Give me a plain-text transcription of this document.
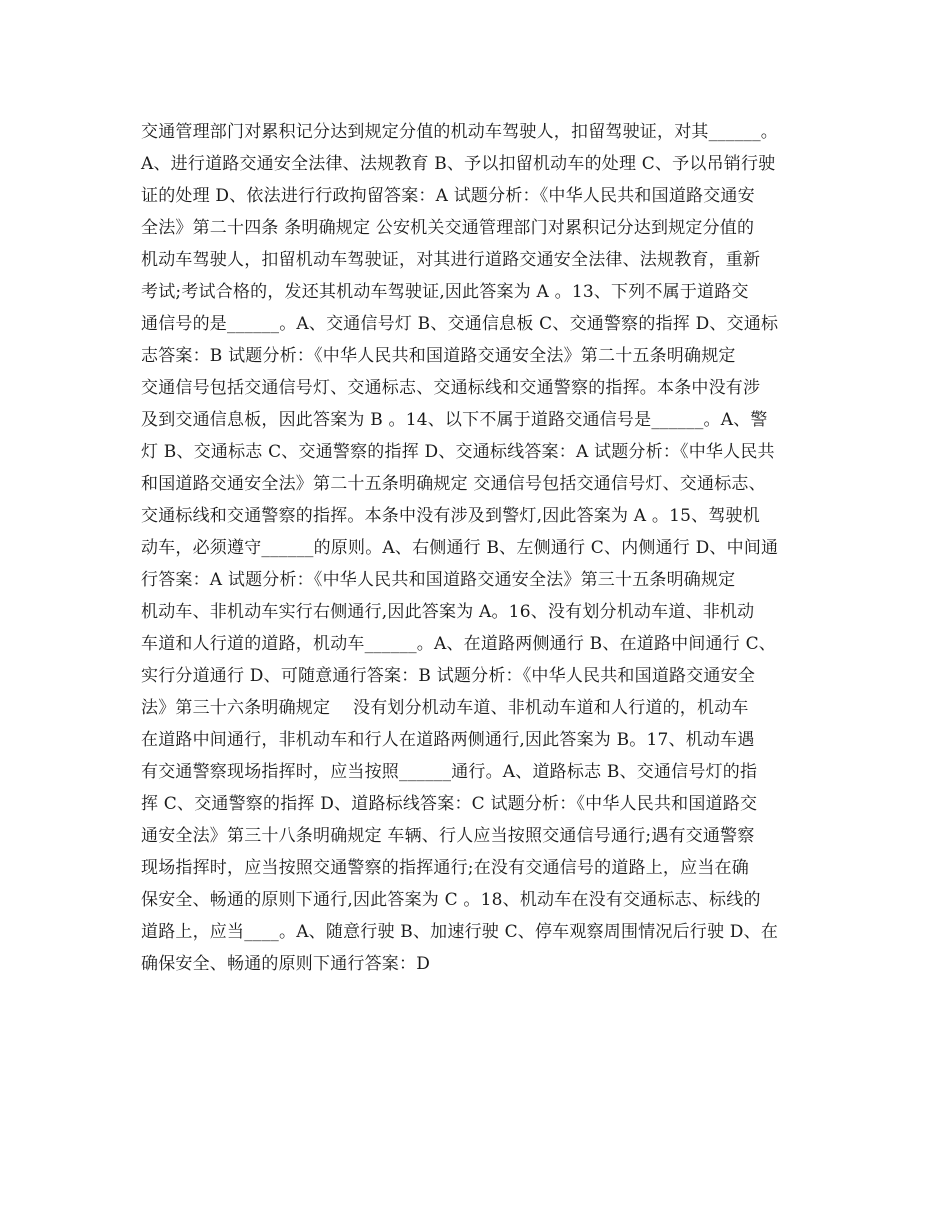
交通管理部门对累积记分达到规定分值的机动车驾驶人，扣留驾驶证，对其______。
A、进行道路交通安全法律、法规教育 B、予以扣留机动车的处理 C、予以吊销行驶
证的处理 D、依法进行行政拘留答案：A 试题分析：《中华人民共和国道路交通安
全法》第二十四条 条明确规定 公安机关交通管理部门对累积记分达到规定分值的
机动车驾驶人，扣留机动车驾驶证，对其进行道路交通安全法律、法规教育，重新
考试;考试合格的，发还其机动车驾驶证,因此答案为 A 。13、下列不属于道路交
通信号的是______。A、交通信号灯 B、交通信息板 C、交通警察的指挥 D、交通标
志答案：B 试题分析：《中华人民共和国道路交通安全法》第二十五条明确规定
交通信号包括交通信号灯、交通标志、交通标线和交通警察的指挥。本条中没有涉
及到交通信息板，因此答案为 B 。14、以下不属于道路交通信号是______。A、警
灯 B、交通标志 C、交通警察的指挥 D、交通标线答案：A 试题分析：《中华人民共
和国道路交通安全法》第二十五条明确规定 交通信号包括交通信号灯、交通标志、
交通标线和交通警察的指挥。本条中没有涉及到警灯,因此答案为 A 。15、驾驶机
动车，必须遵守______的原则。A、右侧通行 B、左侧通行 C、内侧通行 D、中间通
行答案：A 试题分析：《中华人民共和国道路交通安全法》第三十五条明确规定
机动车、非机动车实行右侧通行,因此答案为 A。16、没有划分机动车道、非机动
车道和人行道的道路，机动车______。A、在道路两侧通行 B、在道路中间通行 C、
实行分道通行 D、可随意通行答案：B 试题分析：《中华人民共和国道路交通安全
法》第三十六条明确规定　 没有划分机动车道、非机动车道和人行道的，机动车
在道路中间通行，非机动车和行人在道路两侧通行,因此答案为 B。17、机动车遇
有交通警察现场指挥时，应当按照______通行。A、道路标志 B、交通信号灯的指
挥 C、交通警察的指挥 D、道路标线答案：C 试题分析：《中华人民共和国道路交
通安全法》第三十八条明确规定 车辆、行人应当按照交通信号通行;遇有交通警察
现场指挥时，应当按照交通警察的指挥通行;在没有交通信号的道路上，应当在确
保安全、畅通的原则下通行,因此答案为 C 。18、机动车在没有交通标志、标线的
道路上，应当____。A、随意行驶 B、加速行驶 C、停车观察周围情况后行驶 D、在
确保安全、畅通的原则下通行答案：D
